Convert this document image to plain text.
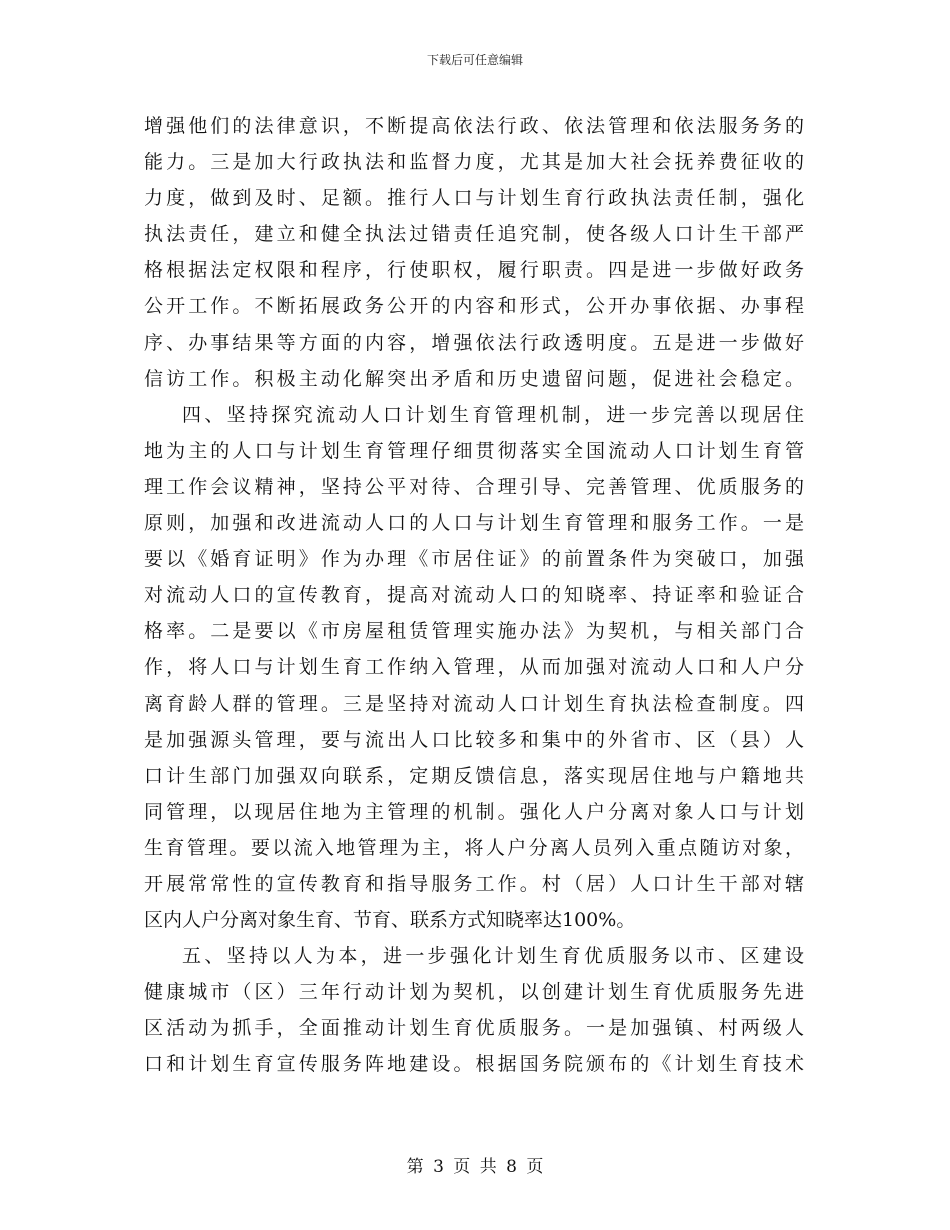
下载后可任意编辑
增强他们的法律意识，不断提高依法行政、依法管理和依法服务务的
能力。三是加大行政执法和监督力度，尤其是加大社会抚养费征收的
力度，做到及时、足额。推行人口与计划生育行政执法责任制，强化
执法责任，建立和健全执法过错责任追究制，使各级人口计生干部严
格根据法定权限和程序，行使职权，履行职责。四是进一步做好政务
公开工作。不断拓展政务公开的内容和形式，公开办事依据、办事程
序、办事结果等方面的内容，增强依法行政透明度。五是进一步做好
信访工作。积极主动化解突出矛盾和历史遗留问题，促进社会稳定。
四、坚持探究流动人口计划生育管理机制，进一步完善以现居住
地为主的人口与计划生育管理仔细贯彻落实全国流动人口计划生育管
理工作会议精神，坚持公平对待、合理引导、完善管理、优质服务的
原则，加强和改进流动人口的人口与计划生育管理和服务工作。一是
要以《婚育证明》作为办理《市居住证》的前置条件为突破口，加强
对流动人口的宣传教育，提高对流动人口的知晓率、持证率和验证合
格率。二是要以《市房屋租赁管理实施办法》为契机，与相关部门合
作，将人口与计划生育工作纳入管理，从而加强对流动人口和人户分
离育龄人群的管理。三是坚持对流动人口计划生育执法检查制度。四
是加强源头管理，要与流出人口比较多和集中的外省市、区（县）人
口计生部门加强双向联系，定期反馈信息，落实现居住地与户籍地共
同管理，以现居住地为主管理的机制。强化人户分离对象人口与计划
生育管理。要以流入地管理为主，将人户分离人员列入重点随访对象，
开展常常性的宣传教育和指导服务工作。村（居）人口计生干部对辖
区内人户分离对象生育、节育、联系方式知晓率达100%。
五、坚持以人为本，进一步强化计划生育优质服务以市、区建设
健康城市（区）三年行动计划为契机，以创建计划生育优质服务先进
区活动为抓手，全面推动计划生育优质服务。一是加强镇、村两级人
口和计划生育宣传服务阵地建设。根据国务院颁布的《计划生育技术
第 3 页 共 8 页
